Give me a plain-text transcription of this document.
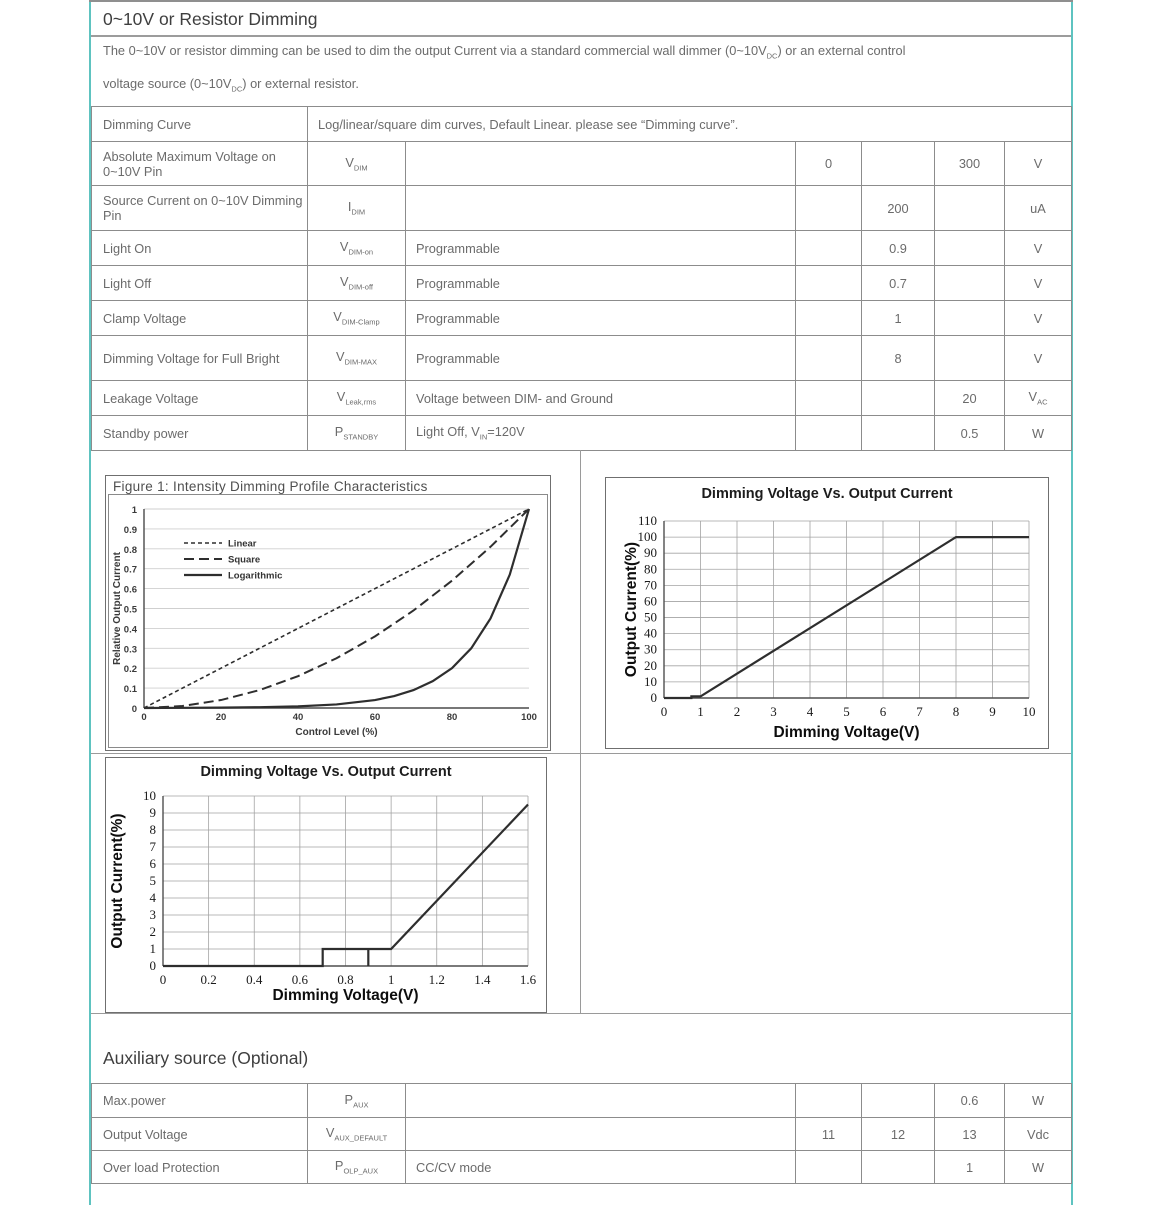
0~10V or Resistor Dimming

The 0~10V or resistor dimming can be used to dim the output Current via a standard commercial wall dimmer $(0\sim 10V_{DC})$ or an external control

voltage source $(0\sim 10V_{DC})$ or external resistor.

Dimming Curve	Log/linear/square dim curves, Default Linear. please see “Dimming curve”.					
Absolute Maximum Voltage on 0~10V Pin	$V_{DIM}$		0		300	V
Source Current on 0~10V Dimming Pin	$I_{DIM}$			200		uA
Light On	$V_{DIM-on}$	Programmable		0.9		V
Light Off	$V_{DIM-off}$	Programmable		0.7		V
Clamp Voltage	$V_{DIM-Clamp}$	Programmable		1		V
Dimming Voltage for Full Bright	$V_{DIM-MAX}$	Programmable		8		V
Leakage Voltage	$V_{Leak,rms}$	Voltage between DIM- and Ground			20	$V_{AC}$
Standby power	$P_{STANDBY}$	Light Off, $V_{IN}=120V$			0.5	W
Figure 1: Intensity Dimming Profile Characteristics
0
0.1
0.2
0.3
0.4
0.5
0.6
0.7
0.8
0.9
1
0	20	40	60	80	100
Control Level (%)
Relative Output Current
Linear
Square
Logarithmic
Dimming Voltage Vs. Output Current
0
10
20
30
40
50
60
70
80
90
100
110
0 1 2 3 4 5 6 7 8 9 10
Dimming Voltage(V)
Output Current(%)
Dimming Voltage Vs. Output Current
0
1
2
3
4
5
6
7
8
9
10
0	0.2 0.4 0.6 0.8	1	1.2 1.4 1.6
Dimming Voltage(V)
Output Current(%)
Auxiliary source (Optional)
Max.power	$P_{AUX}$				0.6	W
Output Voltage	$V_{AUX\_DEFAULT}$		11	12	13	Vdc
Over load Protection	$P_{OLP\_AUX}$	CC/CV mode			1	W
